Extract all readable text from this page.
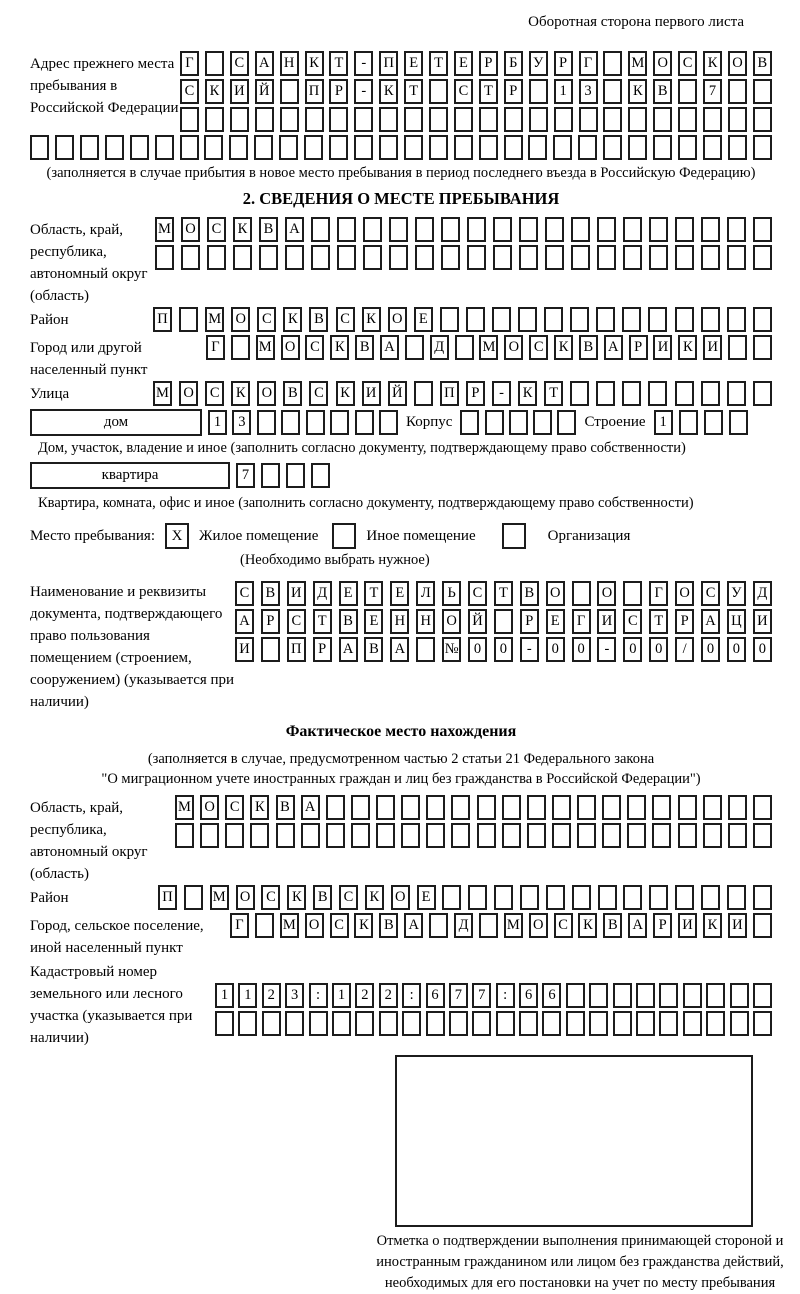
Оборотная сторона первого листа
Адрес прежнего места пребывания в Российской Федерации
Г	С	А Н	К	Т	-	П	Е	Т	Е	Р	Б	У	Р	Г	М О	С	К	О	В
С	К	И Й	П	Р	-	К	Т	С	Т	Р	1	3	К	В	7
(заполняется в случае прибытия в новое место пребывания в период последнего въезда в Российскую Федерацию)
2. СВЕДЕНИЯ О МЕСТЕ ПРЕБЫВАНИЯ
Область, край, республика, автономный округ (область)
М О	С	К	В	А
Район	П	М О	С	К	В	С	К	О	Е
Город или другой населенный пункт
Г	М О	С	К	В	А	Д	М О	С	К	В	А	Р	И	К	И
Улица	М О	С	К	О	В	С	К	И Й	П	Р	-	К	Т
дом	1	3	Корпус	Строение 1
Дом, участок, владение и иное (заполнить согласно документу, подтверждающему право собственности)
квартира	7
Квартира, комната, офис и иное (заполнить согласно документу, подтверждающему право собственности)
Место пребывания:	X	Жилое помещение	Иное помещение	Организация
(Необходимо выбрать нужное)
Наименование и реквизиты документа, подтверждающего право пользования помещением (строением, сооружением) (указывается при наличии)
С	В	И	Д	Е	Т	Е	Л	Ь	С	Т	В	О	О	Г	О	С	У	Д
А	Р	С	Т	В	Е	Н Н О Й	Р	Е	Г	И	С	Т	Р	А Ц И
И	П	Р	А	В	А	№	0	0	-	0	0	-	0	0	/	0	0	0
Фактическое место нахождения
(заполняется в случае, предусмотренном частью 2 статьи 21 Федерального закона
"О миграционном учете иностранных граждан и лиц без гражданства в Российской Федерации")
Область, край, республика, автономный округ (область)
М О	С	К	В	А
Район	П	М О	С	К	В	С	К	О	Е
Город, сельское поселение, иной населенный пункт
Г	М О	С	К	В	А	Д	М О	С	К	В	А	Р	И	К	И
Кадастровый номер земельного или лесного участка (указывается при наличии)
1	1	2	3	:	1	2	2	:	6	7	7	:	6	6
Отметка о подтверждении выполнения принимающей стороной и иностранным гражданином или лицом без гражданства действий, необходимых для его постановки на учет по месту пребывания
